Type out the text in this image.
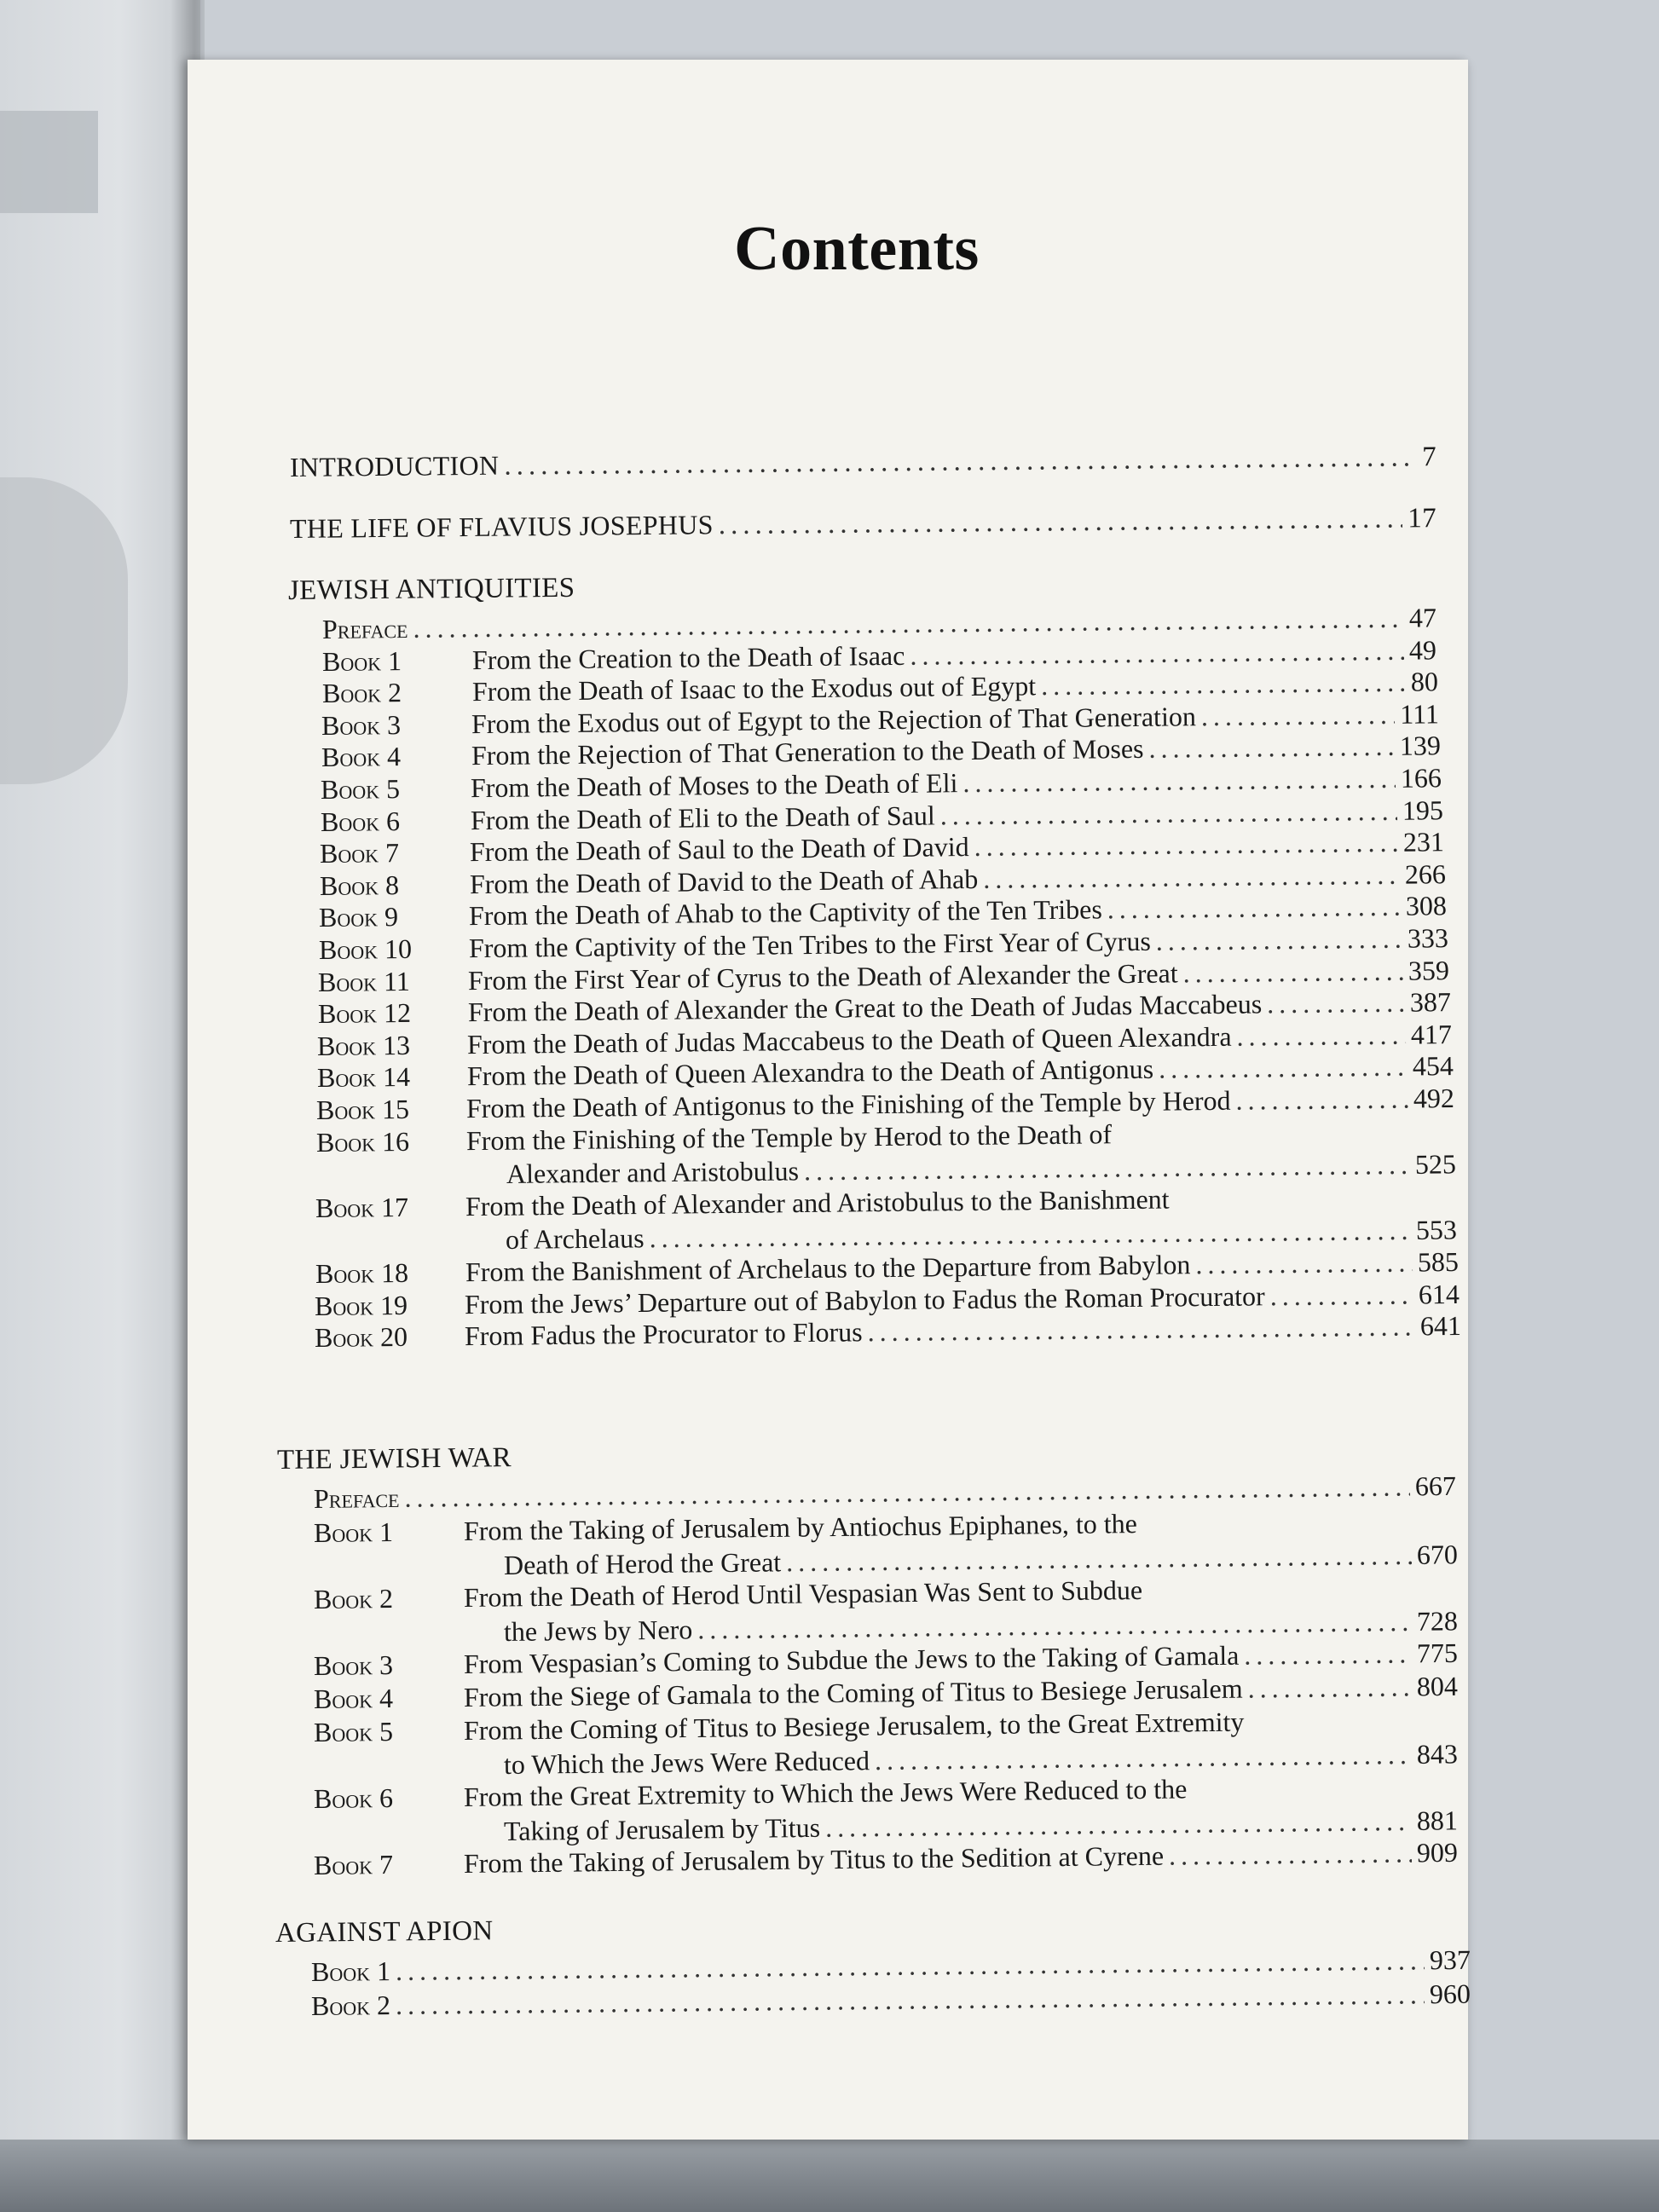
Contents
INTRODUCTION .....	7
THE LIFE OF FLAVIUS JOSEPHUS .....	17
JEWISH ANTIQUITIES
Preface .....	47
Book 1	From the Creation to the Death of Isaac .....	49
Book 2	From the Death of Isaac to the Exodus out of Egypt .....	80
Book 3	From the Exodus out of Egypt to the Rejection of That Generation .....	111
Book 4	From the Rejection of That Generation to the Death of Moses .....	139
Book 5	From the Death of Moses to the Death of Eli .....	166
Book 6	From the Death of Eli to the Death of Saul .....	195
Book 7	From the Death of Saul to the Death of David .....	231
Book 8	From the Death of David to the Death of Ahab .....	266
Book 9	From the Death of Ahab to the Captivity of the Ten Tribes .....	308
Book 10	From the Captivity of the Ten Tribes to the First Year of Cyrus .....	333
Book 11	From the First Year of Cyrus to the Death of Alexander the Great .....	359
Book 12	From the Death of Alexander the Great to the Death of Judas Maccabeus .....	387
Book 13	From the Death of Judas Maccabeus to the Death of Queen Alexandra .....	417
Book 14	From the Death of Queen Alexandra to the Death of Antigonus .....	454
Book 15	From the Death of Antigonus to the Finishing of the Temple by Herod .....	492
Book 16	From the Finishing of the Temple by Herod to the Death of
Alexander and Aristobulus .....	525
Book 17	From the Death of Alexander and Aristobulus to the Banishment
of Archelaus .....	553
Book 18	From the Banishment of Archelaus to the Departure from Babylon .....	585
Book 19	From the Jews’ Departure out of Babylon to Fadus the Roman Procurator .....	614
Book 20	From Fadus the Procurator to Florus .....	641
THE JEWISH WAR
Preface .....	667
Book 1	From the Taking of Jerusalem by Antiochus Epiphanes, to the
Death of Herod the Great .....	670
Book 2	From the Death of Herod Until Vespasian Was Sent to Subdue
the Jews by Nero .....	728
Book 3	From Vespasian’s Coming to Subdue the Jews to the Taking of Gamala .....	775
Book 4	From the Siege of Gamala to the Coming of Titus to Besiege Jerusalem .....	804
Book 5	From the Coming of Titus to Besiege Jerusalem, to the Great Extremity
to Which the Jews Were Reduced .....	843
Book 6	From the Great Extremity to Which the Jews Were Reduced to the
Taking of Jerusalem by Titus .....	881
Book 7	From the Taking of Jerusalem by Titus to the Sedition at Cyrene .....	909
AGAINST APION
Book 1 .....	937
Book 2 .....	960
